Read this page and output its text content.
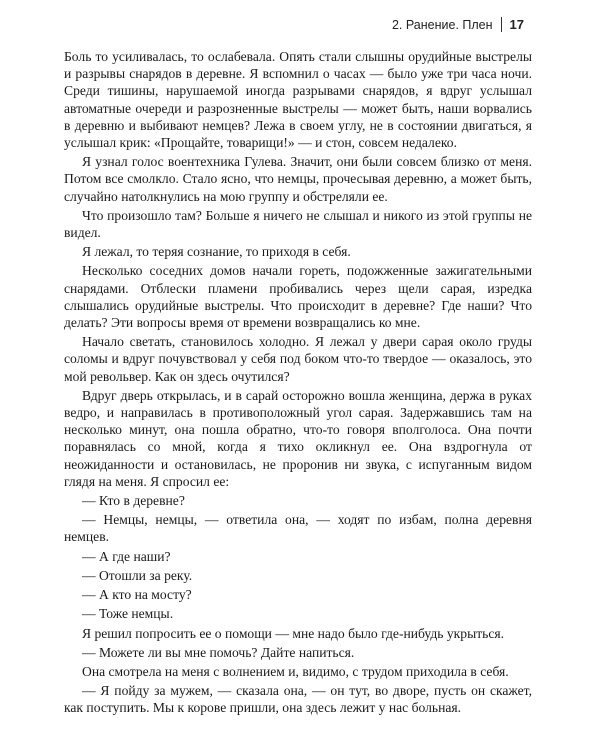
2. Ранение. Плен 17

Боль то усиливалась, то ослабевала. Опять стали слышны орудийные выстрелы и разрывы снарядов в деревне. Я вспомнил о часах — было уже три часа ночи. Среди тишины, нарушаемой иногда разрывами снарядов, я вдруг услышал автоматные очереди и разрозненные выстрелы — может быть, наши ворвались в деревню и выбивают немцев? Лежа в своем углу, не в состоянии двигаться, я услышал крик: «Прощайте, товарищи!» — и стон, совсем недалеко.

Я узнал голос воентехника Гулева. Значит, они были совсем близко от меня. Потом все смолкло. Стало ясно, что немцы, прочесывая деревню, а может быть, случайно натолкнулись на мою группу и обстреляли ее.

Что произошло там? Больше я ничего не слышал и никого из этой группы не видел.

Я лежал, то теряя сознание, то приходя в себя.

Несколько соседних домов начали гореть, подожженные зажигательными снарядами. Отблески пламени пробивались через щели сарая, изредка слышались орудийные выстрелы. Что происходит в деревне? Где наши? Что делать? Эти вопросы время от времени возвращались ко мне.

Начало светать, становилось холодно. Я лежал у двери сарая около груды соломы и вдруг почувствовал у себя под боком что-то твердое — оказалось, это мой револьвер. Как он здесь очутился?

Вдруг дверь открылась, и в сарай осторожно вошла женщина, держа в руках ведро, и направилась в противоположный угол сарая. Задержавшись там на несколько минут, она пошла обратно, что-то говоря вполголоса. Она почти поравнялась со мной, когда я тихо окликнул ее. Она вздрогнула от неожиданности и остановилась, не проронив ни звука, с испуганным видом глядя на меня. Я спросил ее:

— Кто в деревне?

— Немцы, немцы, — ответила она, — ходят по избам, полна деревня немцев.

— А где наши?

— Отошли за реку.

— А кто на мосту?

— Тоже немцы.

Я решил попросить ее о помощи — мне надо было где-нибудь укрыться.

— Можете ли вы мне помочь? Дайте напиться.

Она смотрела на меня с волнением и, видимо, с трудом приходила в себя.

— Я пойду за мужем, — сказала она, — он тут, во дворе, пусть он скажет, как поступить. Мы к корове пришли, она здесь лежит у нас больная.
